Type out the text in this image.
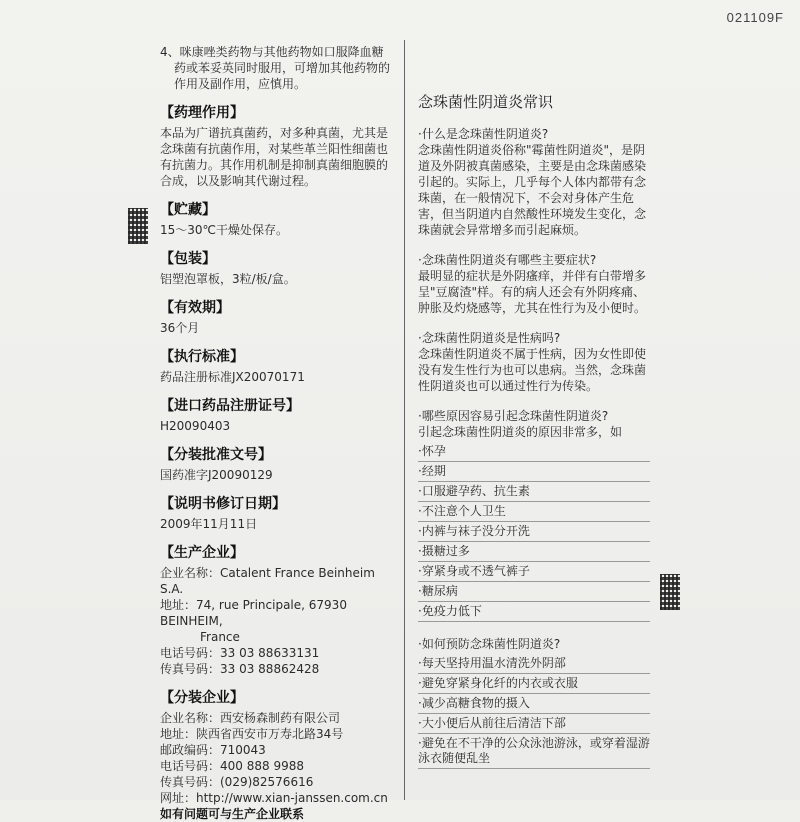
021109F

4、咪康唑类药物与其他药物如口服降血糖药或苯妥英同时服用，可增加其他药物的作用及副作用，应慎用。

【药理作用】

本品为广谱抗真菌药，对多种真菌，尤其是念珠菌有抗菌作用，对某些革兰阳性细菌也有抗菌力。其作用机制是抑制真菌细胞膜的合成，以及影响其代谢过程。

【贮藏】

15～30℃干燥处保存。

【包装】

铝塑泡罩板，3粒/板/盒。

【有效期】

36个月

【执行标准】

药品注册标准JX20070171

【进口药品注册证号】

H20090403

【分装批准文号】

国药准字J20090129

【说明书修订日期】

2009年11月11日

【生产企业】

企业名称：Catalent France Beinheim S.A.

地址：74, rue Principale, 67930 BEINHEIM,

France

电话号码：33 03 88633131

传真号码：33 03 88862428

【分装企业】

企业名称：西安杨森制药有限公司

地址：陕西省西安市万寿北路34号

邮政编码：710043

电话号码：400 888 9988

传真号码：(029)82576616

网址：http://www.xian-janssen.com.cn

如有问题可与生产企业联系

念珠菌性阴道炎常识

·什么是念珠菌性阴道炎?

念珠菌性阴道炎俗称"霉菌性阴道炎"，是阴道及外阴被真菌感染，主要是由念珠菌感染引起的。实际上，几乎每个人体内都带有念珠菌，在一般情况下，不会对身体产生危害，但当阴道内自然酸性环境发生变化，念珠菌就会异常增多而引起麻烦。

·念珠菌性阴道炎有哪些主要症状?

最明显的症状是外阴瘙痒，并伴有白带增多呈"豆腐渣"样。有的病人还会有外阴疼痛、肿胀及灼烧感等，尤其在性行为及小便时。

·念珠菌性阴道炎是性病吗?

念珠菌性阴道炎不属于性病，因为女性即使没有发生性行为也可以患病。当然，念珠菌性阴道炎也可以通过性行为传染。

·哪些原因容易引起念珠菌性阴道炎?

引起念珠菌性阴道炎的原因非常多，如

·怀孕

·经期

·口服避孕药、抗生素

·不注意个人卫生

·内裤与袜子没分开洗

·摄糖过多

·穿紧身或不透气裤子

·糖尿病

·免疫力低下

·如何预防念珠菌性阴道炎?

·每天坚持用温水清洗外阴部

·避免穿紧身化纤的内衣或衣服

·减少高糖食物的摄入

·大小便后从前往后清洁下部

·避免在不干净的公众泳池游泳，或穿着湿游泳衣随便乱坐
